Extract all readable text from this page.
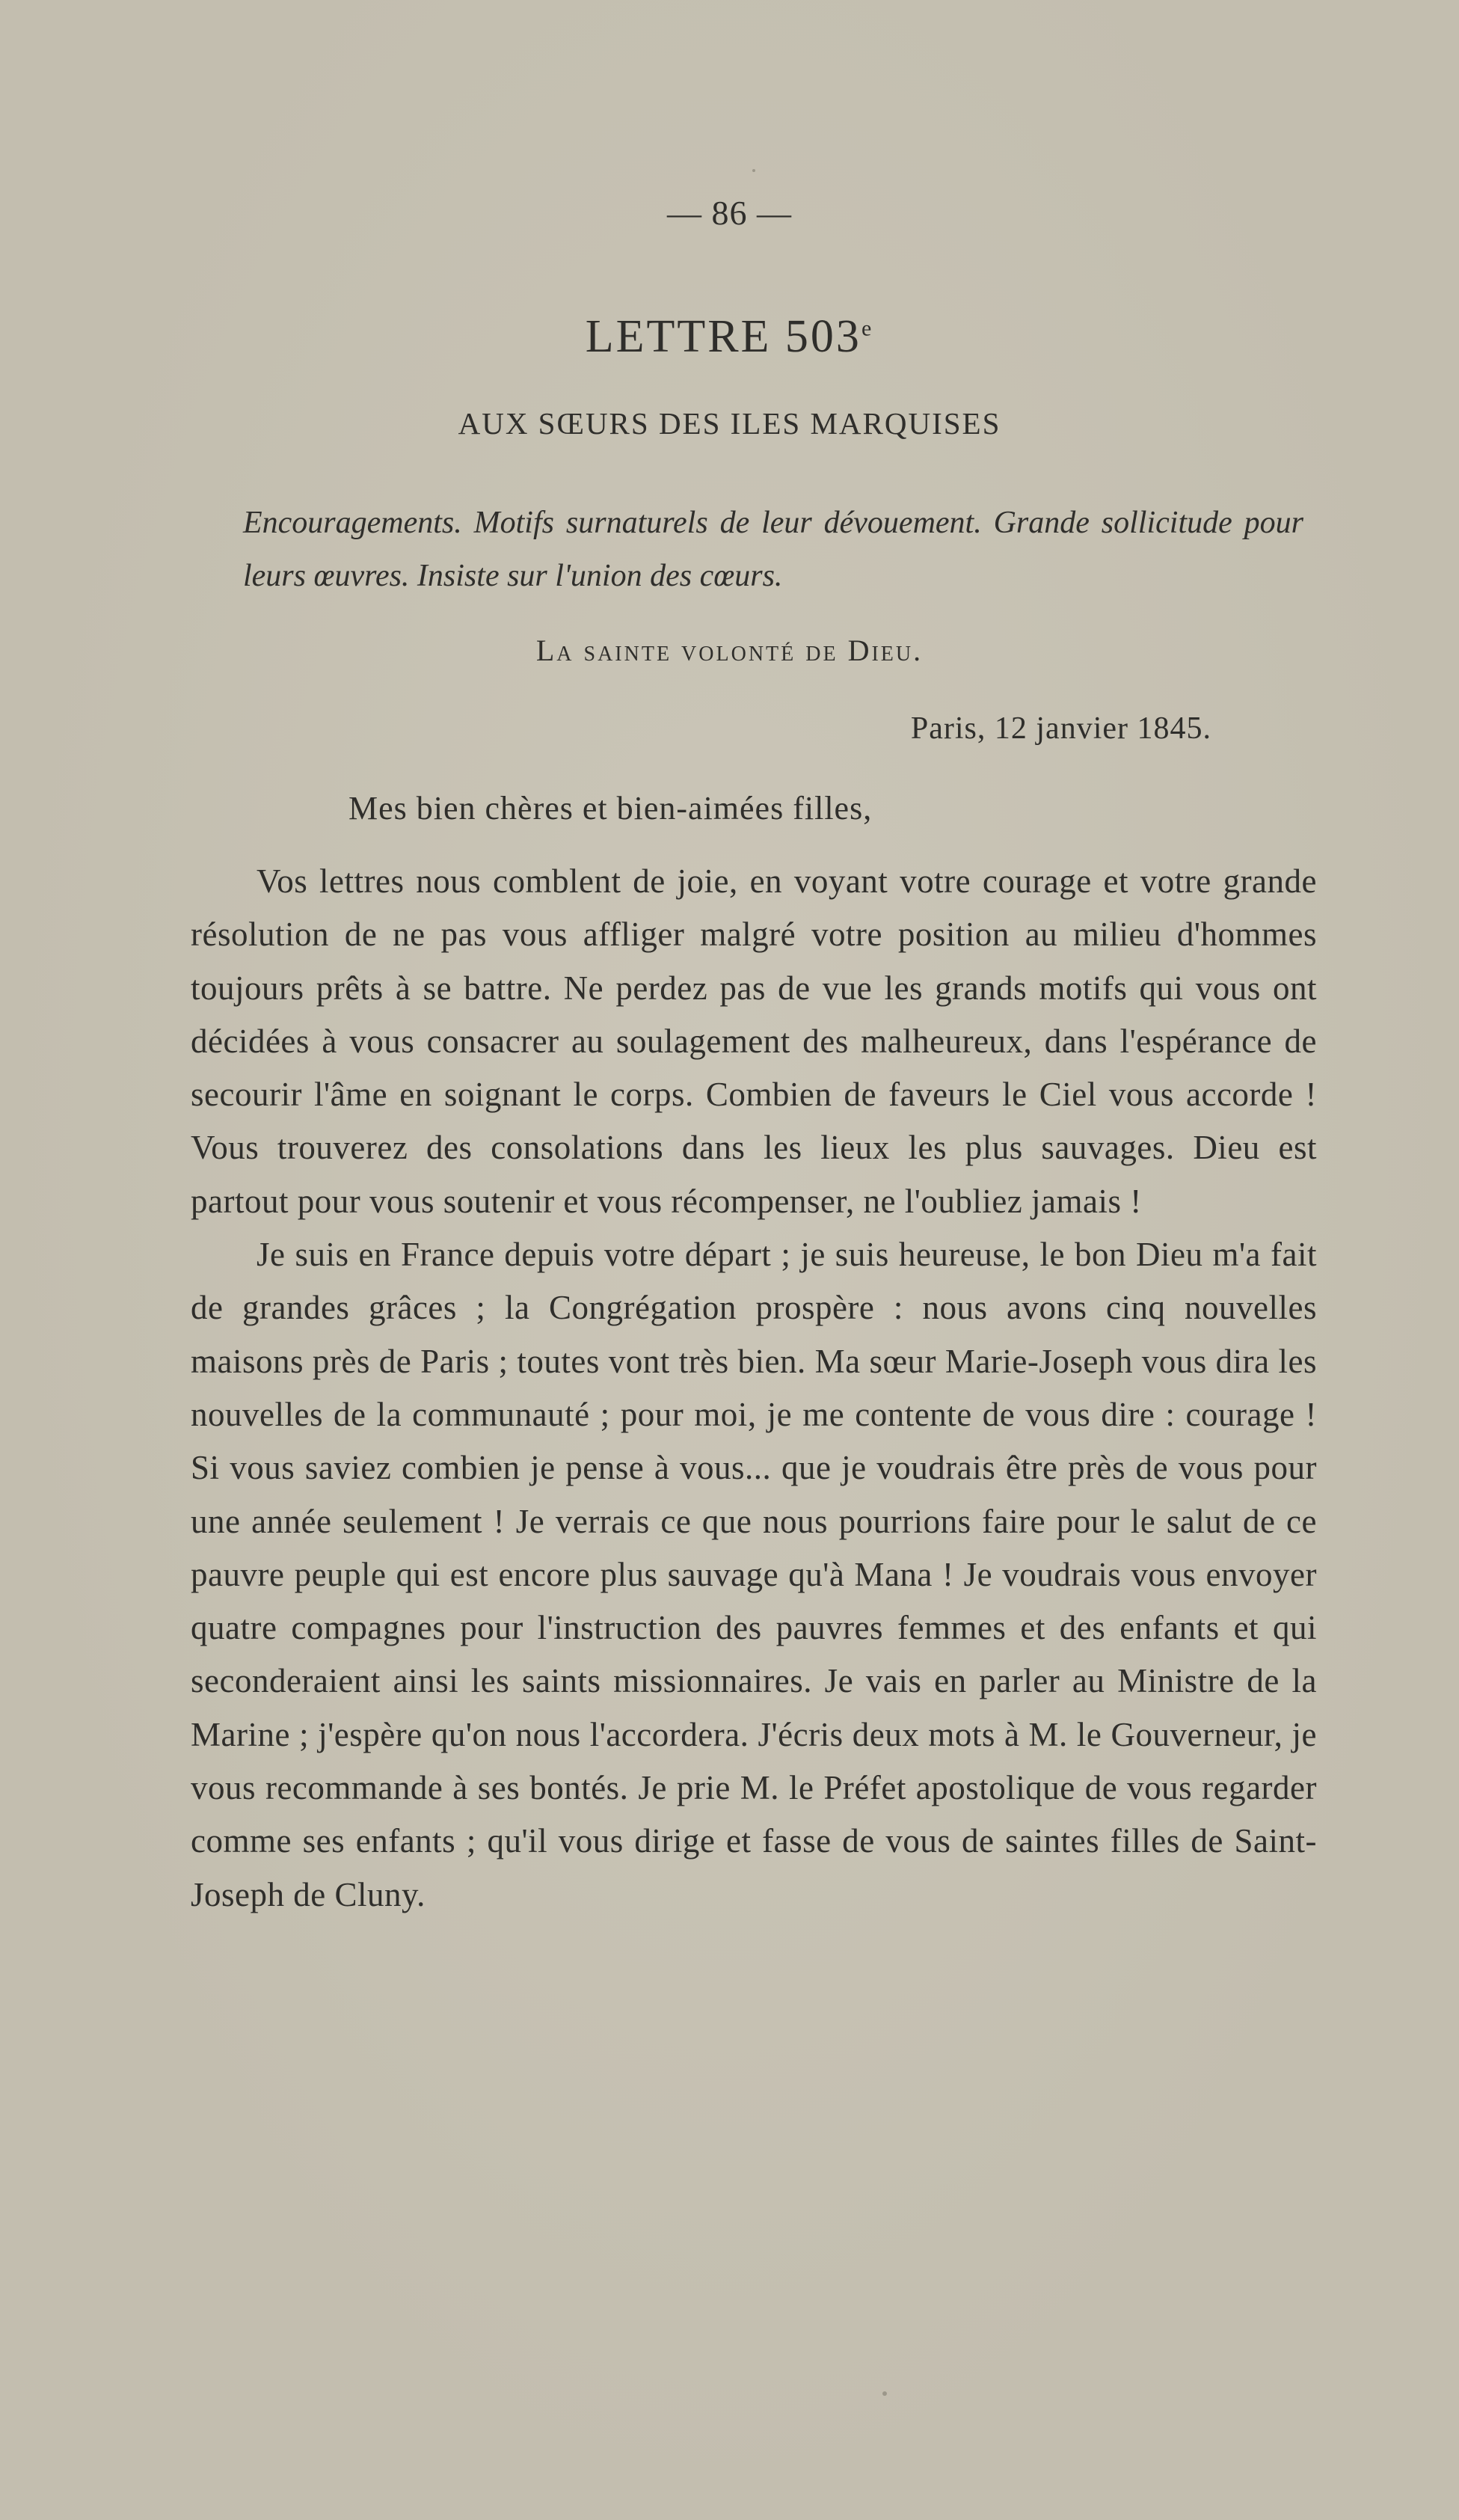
— 86 —
LETTRE 503e
AUX SŒURS DES ILES MARQUISES
Encouragements. Motifs surnaturels de leur dévouement. Grande sollicitude pour leurs œuvres. Insiste sur l'union des cœurs.
La sainte volonté de Dieu.
Paris, 12 janvier 1845.
Mes bien chères et bien-aimées filles,

Vos lettres nous comblent de joie, en voyant votre courage et votre grande résolution de ne pas vous affliger malgré votre position au milieu d'hommes toujours prêts à se battre. Ne perdez pas de vue les grands motifs qui vous ont décidées à vous consacrer au soulagement des malheureux, dans l'espérance de secourir l'âme en soignant le corps. Combien de faveurs le Ciel vous accorde ! Vous trouverez des consolations dans les lieux les plus sauvages. Dieu est partout pour vous soutenir et vous récompenser, ne l'oubliez jamais !

Je suis en France depuis votre départ ; je suis heureuse, le bon Dieu m'a fait de grandes grâces ; la Congrégation prospère : nous avons cinq nouvelles maisons près de Paris ; toutes vont très bien. Ma sœur Marie-Joseph vous dira les nouvelles de la communauté ; pour moi, je me contente de vous dire : courage ! Si vous saviez combien je pense à vous... que je voudrais être près de vous pour une année seulement ! Je verrais ce que nous pourrions faire pour le salut de ce pauvre peuple qui est encore plus sauvage qu'à Mana ! Je voudrais vous envoyer quatre compagnes pour l'instruction des pauvres femmes et des enfants et qui seconderaient ainsi les saints missionnaires. Je vais en parler au Ministre de la Marine ; j'espère qu'on nous l'accordera. J'écris deux mots à M. le Gouverneur, je vous recommande à ses bontés. Je prie M. le Préfet apostolique de vous regarder comme ses enfants ; qu'il vous dirige et fasse de vous de saintes filles de Saint-Joseph de Cluny.
